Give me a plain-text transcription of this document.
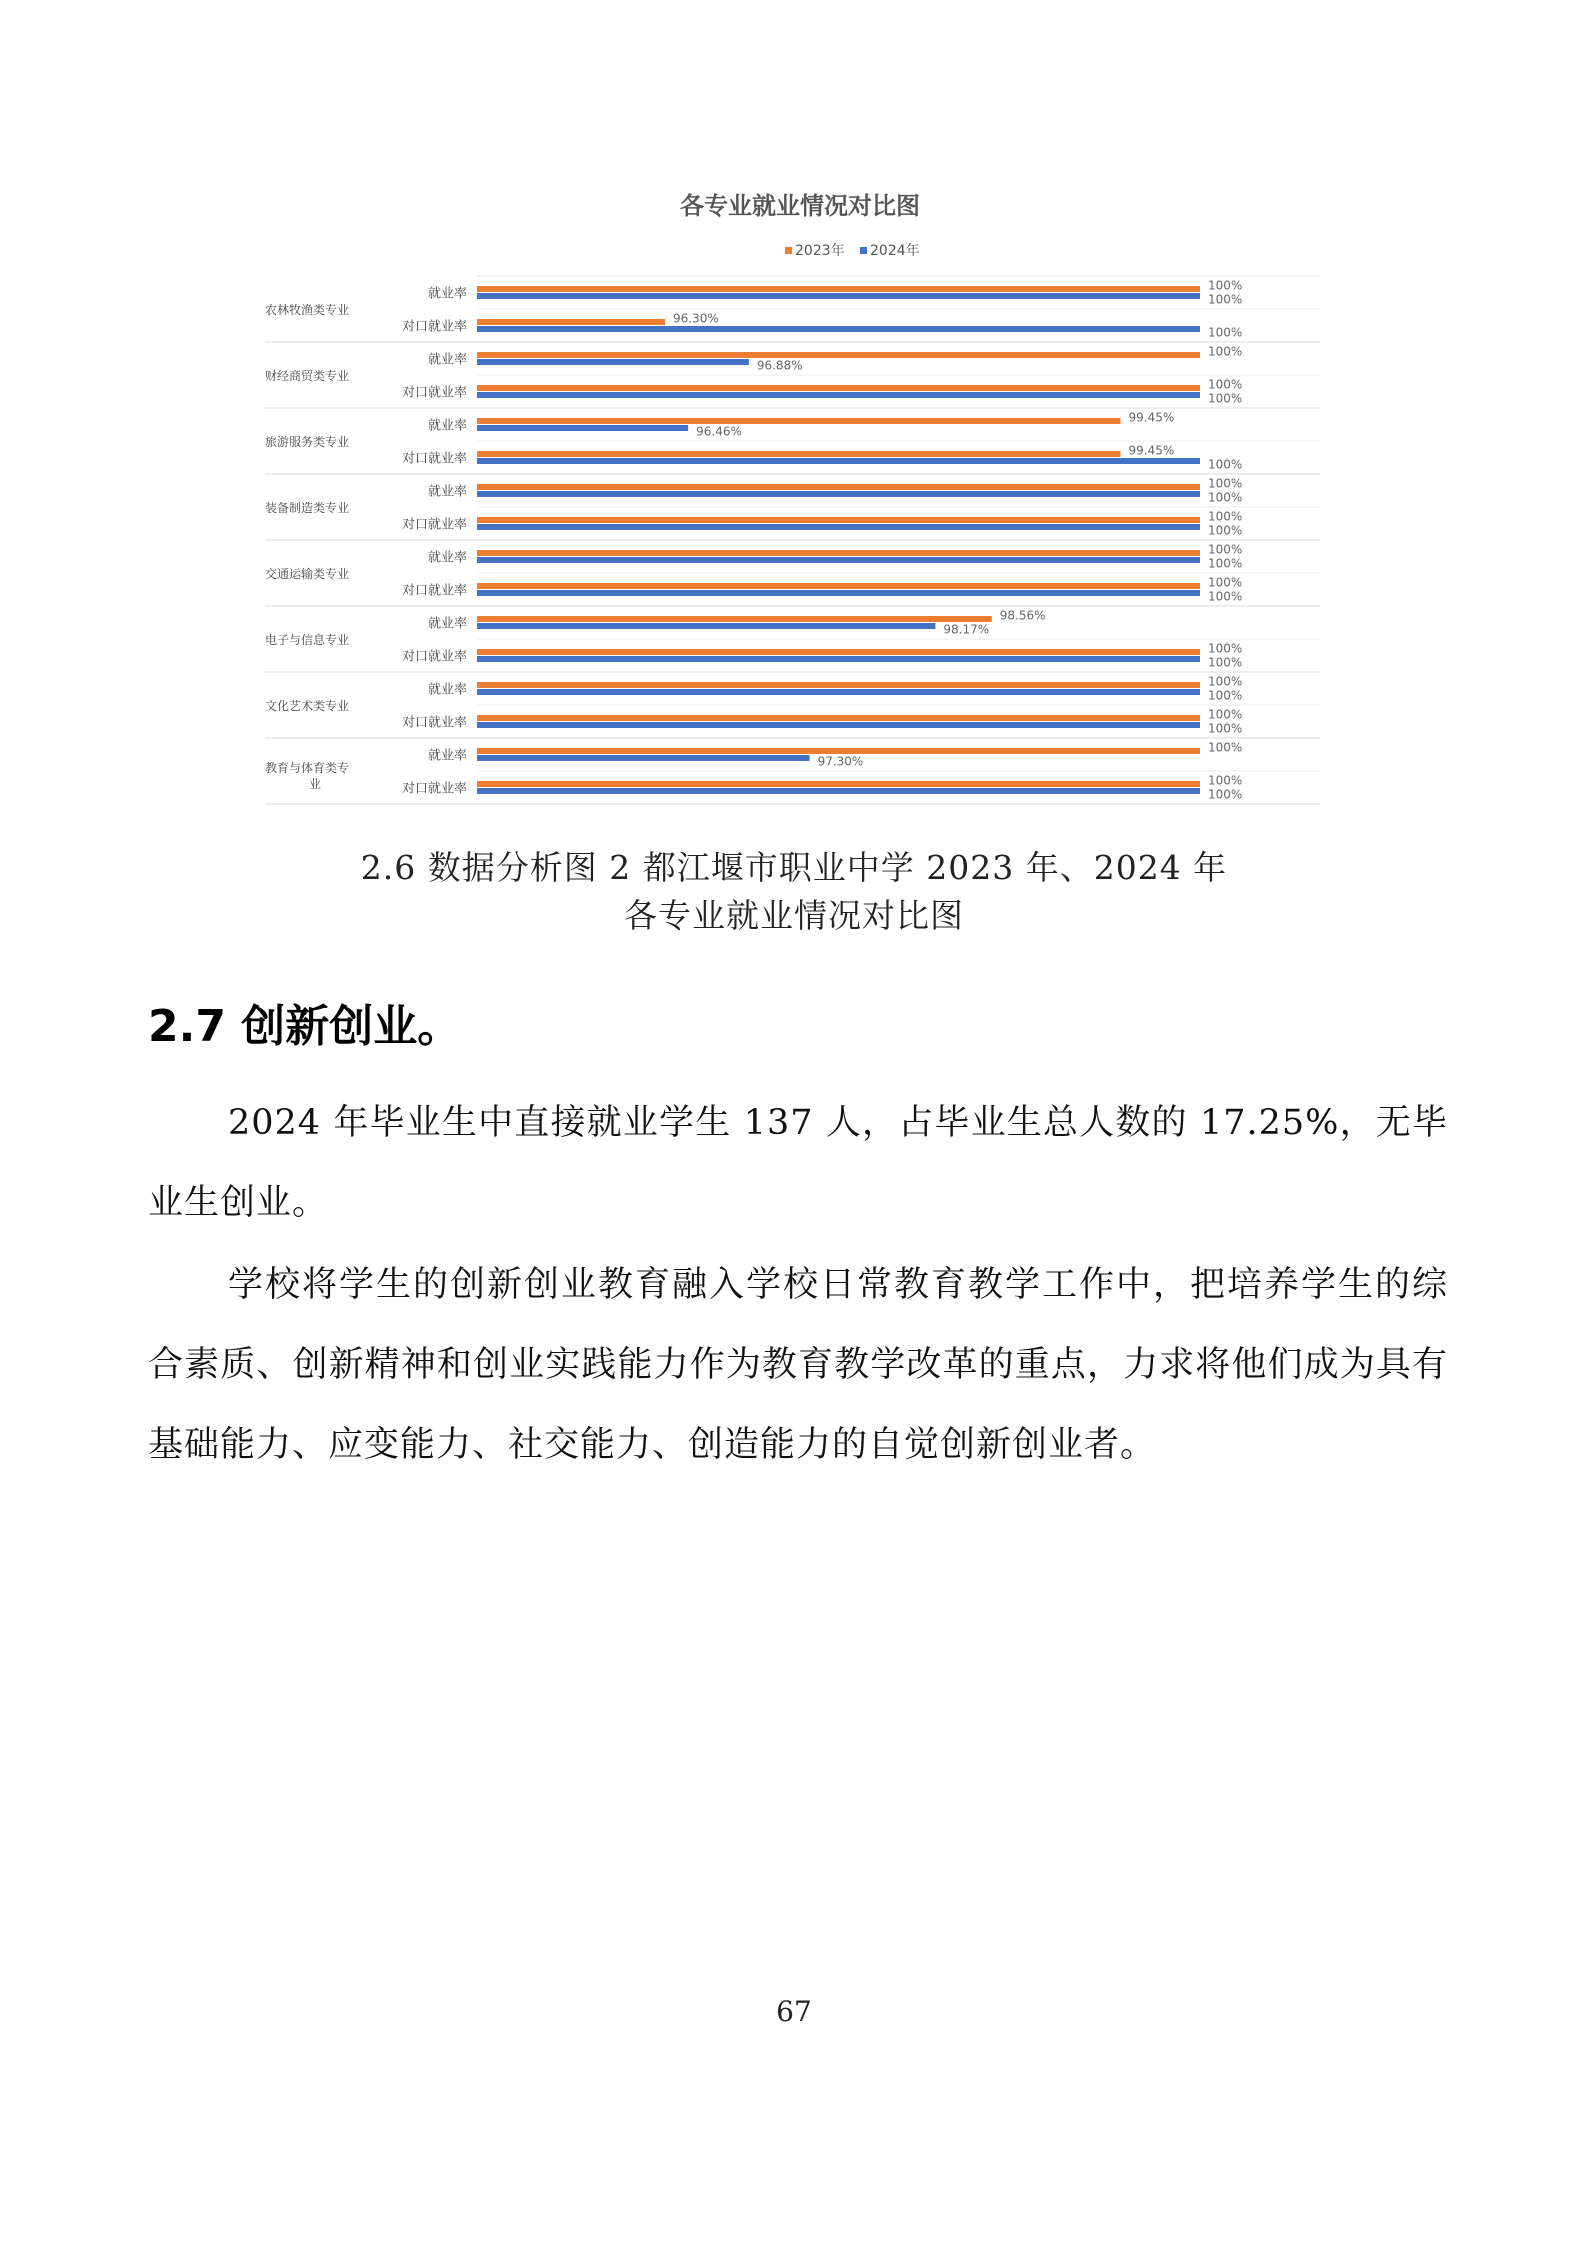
各专业就业情况对比图
2023年 2024年
农林牧渔类专业
就业率
100%
100%
对口就业率
96.30%
100%
财经商贸类专业
就业率
100%
96.88%
对口就业率
100%
100%
旅游服务类专业
就业率
99.45%
96.46%
对口就业率
99.45%
100%
装备制造类专业
就业率
100%
100%
对口就业率
100%
100%
交通运输类专业
就业率
100%
100%
对口就业率
100%
100%
电子与信息专业
就业率
98.56%
98.17%
对口就业率
100%
100%
文化艺术类专业
就业率
100%
100%
对口就业率
100%
100%
教育与体育类专
业
就业率
100%
97.30%
对口就业率
100%
100%
2.6 数据分析图 2 都江堰市职业中学 2023 年、2024 年
各专业就业情况对比图
2.7 创新创业。
2024 年毕业生中直接就业学生 137 人，占毕业生总人数的 17.25%，无毕业生创业。
学校将学生的创新创业教育融入学校日常教育教学工作中，把培养学生的综合素质、创新精神和创业实践能力作为教育教学改革的重点，力求将他们成为具有基础能力、应变能力、社交能力、创造能力的自觉创新创业者。
67
